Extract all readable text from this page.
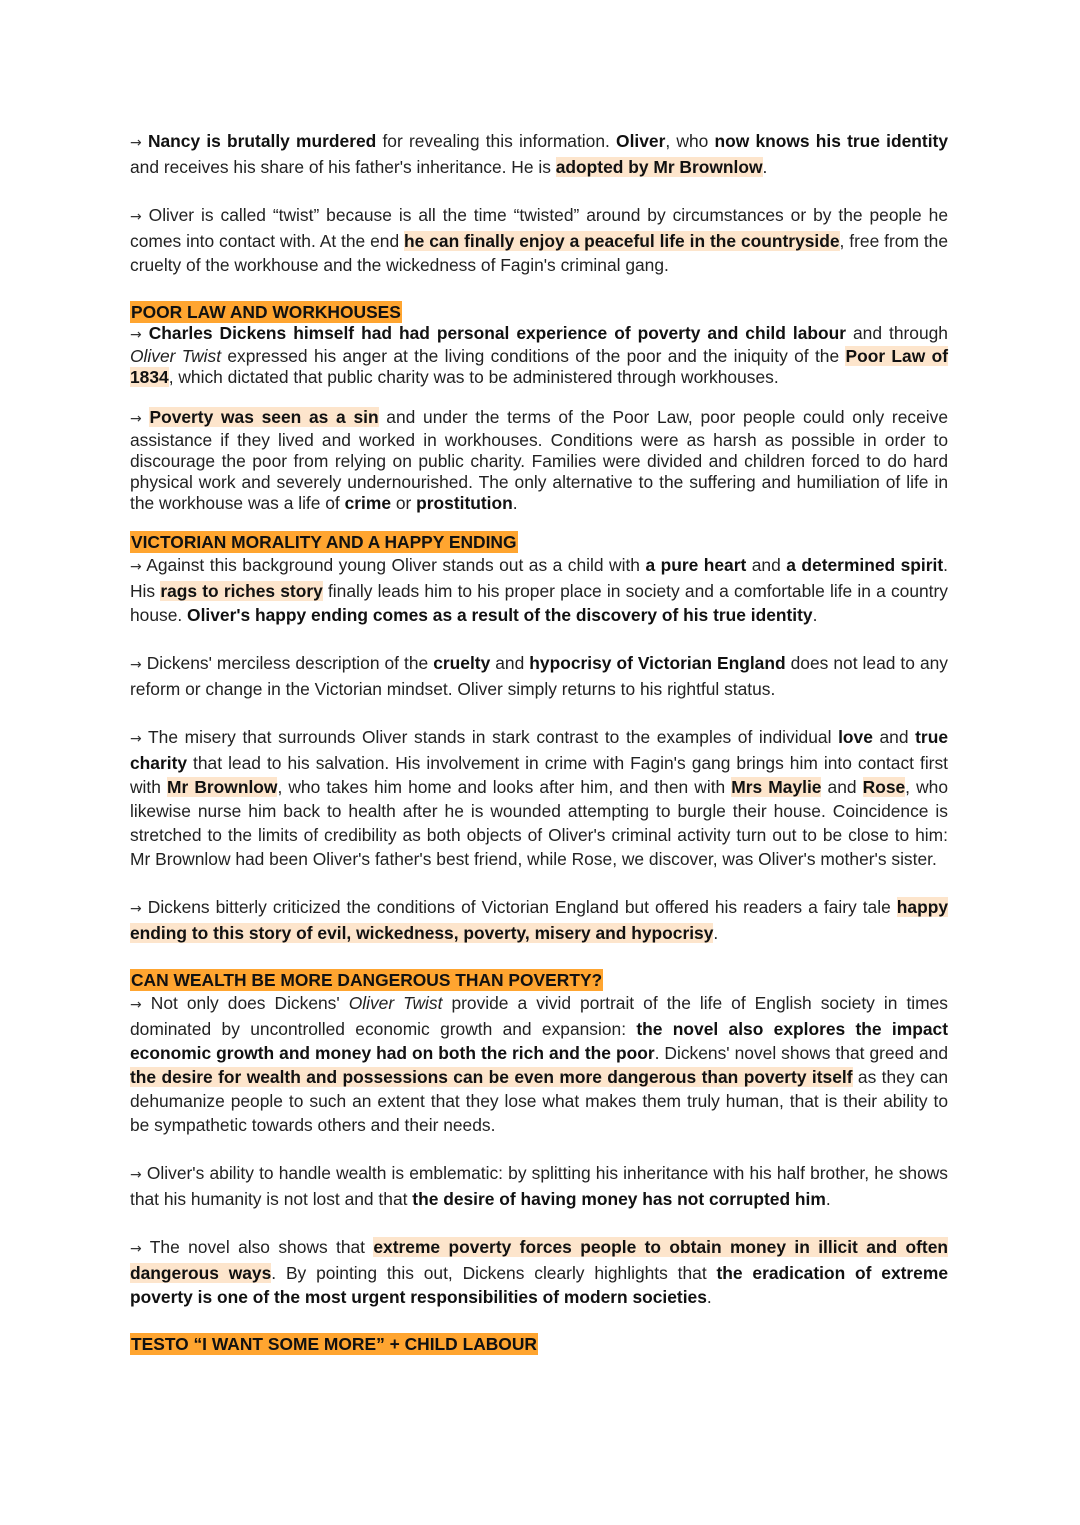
→ Nancy is brutally murdered for revealing this information. Oliver, who now knows his true identity and receives his share of his father's inheritance. He is adopted by Mr Brownlow.

→ Oliver is called “twist” because is all the time “twisted” around by circumstances or by the people he comes into contact with. At the end he can finally enjoy a peaceful life in the countryside, free from the cruelty of the workhouse and the wickedness of Fagin's criminal gang.

POOR LAW AND WORKHOUSES

→ Charles Dickens himself had had personal experience of poverty and child labour and through Oliver Twist expressed his anger at the living conditions of the poor and the iniquity of the Poor Law of 1834, which dictated that public charity was to be administered through workhouses.

→ Poverty was seen as a sin and under the terms of the Poor Law, poor people could only receive assistance if they lived and worked in workhouses. Conditions were as harsh as possible in order to discourage the poor from relying on public charity. Families were divided and children forced to do hard physical work and severely undernourished. The only alternative to the suffering and humiliation of life in the workhouse was a life of crime or prostitution.

VICTORIAN MORALITY AND A HAPPY ENDING

→ Against this background young Oliver stands out as a child with a pure heart and a determined spirit. His rags to riches story finally leads him to his proper place in society and a comfortable life in a country house. Oliver's happy ending comes as a result of the discovery of his true identity.

→ Dickens' merciless description of the cruelty and hypocrisy of Victorian England does not lead to any reform or change in the Victorian mindset. Oliver simply returns to his rightful status.

→ The misery that surrounds Oliver stands in stark contrast to the examples of individual love and true charity that lead to his salvation. His involvement in crime with Fagin's gang brings him into contact first with Mr Brownlow, who takes him home and looks after him, and then with Mrs Maylie and Rose, who likewise nurse him back to health after he is wounded attempting to burgle their house. Coincidence is stretched to the limits of credibility as both objects of Oliver's criminal activity turn out to be close to him: Mr Brownlow had been Oliver's father's best friend, while Rose, we discover, was Oliver's mother's sister.

→ Dickens bitterly criticized the conditions of Victorian England but offered his readers a fairy tale happy ending to this story of evil, wickedness, poverty, misery and hypocrisy.

CAN WEALTH BE MORE DANGEROUS THAN POVERTY?

→ Not only does Dickens' Oliver Twist provide a vivid portrait of the life of English society in times dominated by uncontrolled economic growth and expansion: the novel also explores the impact economic growth and money had on both the rich and the poor. Dickens' novel shows that greed and the desire for wealth and possessions can be even more dangerous than poverty itself as they can dehumanize people to such an extent that they lose what makes them truly human, that is their ability to be sympathetic towards others and their needs.

→ Oliver's ability to handle wealth is emblematic: by splitting his inheritance with his half brother, he shows that his humanity is not lost and that the desire of having money has not corrupted him.

→ The novel also shows that extreme poverty forces people to obtain money in illicit and often dangerous ways. By pointing this out, Dickens clearly highlights that the eradication of extreme poverty is one of the most urgent responsibilities of modern societies.

TESTO “I WANT SOME MORE” + CHILD LABOUR
